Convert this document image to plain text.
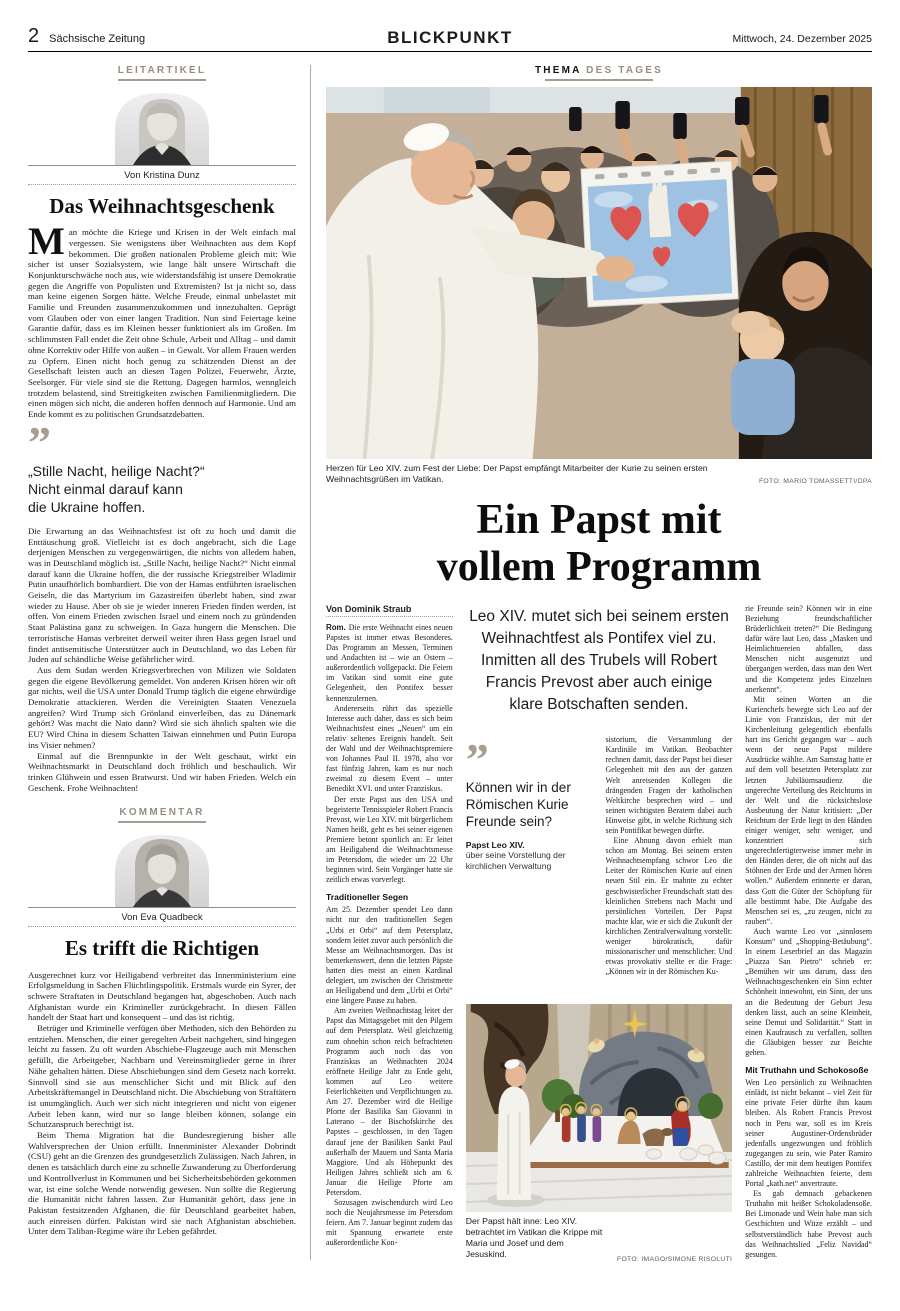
2 Sächsische Zeitung	BLICKPUNKT	Mittwoch, 24. Dezember 2025
LEITARTIKEL
Von Kristina Dunz
Das Weihnachtsgeschenk

Man möchte die Kriege und Krisen in der Welt einfach mal vergessen. Sie wenigstens über Weihnachten aus dem Kopf bekommen. Die großen nationalen Probleme gleich mit: Wie sicher ist unser Sozialsystem, wie lange hält unsere Wirtschaft die Konjunkturschwäche noch aus, wie widerstandsfähig ist unsere Demokratie gegen die Angriffe von Populisten und Extremisten? Ist ja nicht so, dass man keine eigenen Sorgen hätte. Welche Freude, einmal unbelastet mit Familie und Freunden zusammenzukommen und innezuhalten. Geprägt vom Glauben oder von einer langen Tradition. Nun sind Feiertage keine Garantie dafür, dass es im Kleinen besser funktioniert als im Großen. Im schlimmsten Fall endet die Zeit ohne Schule, Arbeit und Alltag – und damit ohne Korrektiv oder Hilfe von außen – in Gewalt. Vor allem Frauen werden zu Opfern. Einen nicht hoch genug zu schätzenden Dienst an der Gesellschaft leisten auch an diesen Tagen Polizei, Feuerwehr, Ärzte, Seelsorger. Für viele sind sie die Rettung. Dagegen harmlos, wenngleich trotzdem belastend, sind Streitigkeiten zwischen Familienmitgliedern. Die einen mögen sich nicht, die anderen hoffen dennoch auf Harmonie. Und am Ende kommt es zu politischen Grundsatzdebatten.

”
„Stille Nacht, heilige Nacht?“
Nicht einmal darauf kann
die Ukraine hoffen.

Die Erwartung an das Weihnachtsfest ist oft zu hoch und damit die Enttäuschung groß. Vielleicht ist es doch angebracht, sich die Lage derjenigen Menschen zu vergegenwärtigen, die nichts von alledem haben, was in Deutschland möglich ist. „Stille Nacht, heilige Nacht?“ Nicht einmal darauf kann die Ukraine hoffen, die der russische Kriegstreiber Wladimir Putin unaufhörlich bombardiert. Die von der Hamas entführten israelischen Geiseln, die das Martyrium im Gazastreifen überlebt haben, sind zwar wieder zu Hause. Aber ob sie je wieder inneren Frieden finden werden, ist offen. Von einem Frieden zwischen Israel und einem noch zu gründenden Staat Palästina ganz zu schweigen. In Gaza hungern die Menschen. Die terroristische Hamas verbreitet derweil weiter ihren Hass gegen Israel und findet antisemitische Unterstützer auch in Deutschland, wo das Leben für Juden auf schändliche Weise gefährlicher wird.

Aus dem Sudan werden Kriegsverbrechen von Milizen wie Soldaten gegen die eigene Bevölkerung gemeldet. Von anderen Krisen hören wir oft gar nichts, weil die USA unter Donald Trump täglich die eigene ehrwürdige Demokratie attackieren. Werden die Vereinigten Staaten Venezuela angreifen? Wird Trump sich Grönland einverleiben, das zu Dänemark gehört? Was macht die Nato dann? Wird sie sich ähnlich spalten wie die EU? Wird China in diesem Schatten Taiwan einnehmen und Putin Europa ins Visier nehmen?

Einmal auf die Brennpunkte in der Welt geschaut, wirkt ein Weihnachtsmarkt in Deutschland doch fröhlich und beschaulich. Wir trinken Glühwein und essen Bratwurst. Und wir haben Frieden. Welch ein Geschenk. Frohe Weihnachten!

KOMMENTAR
Von Eva Quadbeck
Es trifft die Richtigen

Ausgerechnet kurz vor Heiligabend verbreitet das Innenministerium eine Erfolgsmeldung in Sachen Flüchtlingspolitik. Erstmals wurde ein Syrer, der schwere Straftaten in Deutschland begangen hat, abgeschoben. Auch nach Afghanistan wurde ein Krimineller zurückgebracht. In diesen Fällen handelt der Staat hart und konsequent – und das ist richtig.

Betrüger und Kriminelle verfügen über Methoden, sich den Behörden zu entziehen. Menschen, die einer geregelten Arbeit nachgehen, sind hingegen leicht zu fassen. Zu oft wurden Abschiebe-Flugzeuge auch mit Menschen gefüllt, die Arbeitgeber, Nachbarn und Vereinsmitglieder gerne in ihrer Nähe gehalten hätten. Diese Abschiebungen sind dem Gesetz nach korrekt. Sinnvoll sind sie aus menschlicher Sicht und mit Blick auf den Arbeitskräftemangel in Deutschland nicht. Die Abschiebung von Straftätern ist unumgänglich. Auch wer sich nicht integrieren und nicht von eigener Arbeit leben kann, wird nur so lange bleiben können, solange ein Schutzanspruch berechtigt ist.

Beim Thema Migration hat die Bundesregierung bisher alle Wahlversprechen der Union erfüllt. Innenminister Alexander Dobrindt (CSU) geht an die Grenzen des grundgesetzlich Zulässigen. Nach Jahren, in denen es tatsächlich durch eine zu schnelle Zuwanderung zu Überforderung und Kontrollverlust in Kommunen und bei Sicherheitsbehörden gekommen war, ist eine solche Wende notwendig gewesen. Nun sollte die Regierung die Humanität nicht fahren lassen. Zur Humanität gehört, dass jene in Pakistan festsitzenden Afghanen, die für Deutschland gearbeitet haben, auch einreisen dürfen. Pakistan wird sie nach Afghanistan abschieben. Unter dem Taliban-Regime wäre ihr Leben gefährdet.

THEMA DES TAGES
Herzen für Leo XIV. zum Fest der Liebe: Der Papst empfängt Mitarbeiter der Kurie zu seinen ersten Weihnachtsgrüßen im Vatikan.	FOTO: MARIO TOMASSETTI/DPA
Ein Papst mit
vollem Programm
Von Dominik Straub

Rom. Die erste Weihnacht eines neuen Papstes ist immer etwas Besonderes. Das Programm an Messen, Terminen und Andachten ist – wie an Ostern – außerordentlich vollgepackt. Die Feiern im Vatikan sind somit eine gute Gelegenheit, den Pontifex besser kennenzulernen.

Andererseits rührt das spezielle Interesse auch daher, dass es sich beim Weihnachtsfest eines „Neuen“ um ein relativ seltenes Ereignis handelt. Seit der Wahl und der Weihnachtspremiere von Johannes Paul II. 1978, also vor fast fünfzig Jahren, kam es nur noch zweimal zu diesem Event – unter Benedikt XVI. und unter Franziskus.

Der erste Papst aus den USA und begeisterte Tennisspieler Robert Francis Prevost, wie Leo XIV. mit bürgerlichem Namen heißt, geht es bei seiner eigenen Premiere betont sportlich an: Er leitet am Heiligabend die Weihnachtsmesse im Petersdom, die wieder um 22 Uhr beginnen wird. Sein Vorgänger hatte sie zeitlich etwas vorverlegt.

Traditioneller Segen

Am 25. Dezember spendet Leo dann nicht nur den traditionellen Segen „Urbi et Orbi“ auf dem Petersplatz, sondern leitet zuvor auch persönlich die Messe am Weihnachtsmorgen. Das ist bemerkenswert, denn die letzten Päpste hatten dies meist an einen Kardinal delegiert, um zwischen der Christmette an Heiligabend und dem „Urbi et Orbi“ eine längere Pause zu haben.

Am zweiten Weihnachtstag leitet der Papst das Mittagsgebet mit den Pilgern auf dem Petersplatz. Weil gleichzeitig zum ohnehin schon reich befrachteten Programm auch noch das von Franziskus an Weihnachten 2024 eröffnete Heilige Jahr zu Ende geht, kommen auf Leo weitere Feierlichkeiten und Verpflichtungen zu. Am 27. Dezember wird die Heilige Pforte der Basilika San Giovanni in Laterano – der Bischofskirche des Papstes – geschlossen, in den Tagen darauf jene der Basiliken Sankt Paul außerhalb der Mauern und Santa Maria Maggiore. Und als Höhepunkt des Heiligen Jahres schließt sich am 6. Januar die Heilige Pforte am Petersdom.

Sozusagen zwischendurch wird Leo noch die Neujahrsmesse im Petersdom feiern. Am 7. Januar beginnt zudem das mit Spannung erwartete erste außerordentliche Kon-

Leo XIV. mutet sich bei seinem ersten Weihnachtfest als Pontifex viel zu. Inmitten all des Trubels will Robert Francis Prevost aber auch einige klare Botschaften senden.
”
Können wir in der
Römischen Kurie
Freunde sein?
Papst Leo XIV.
über seine Vorstellung der kirchlichen Verwaltung

sistorium, die Versammlung der Kardinäle im Vatikan. Beobachter rechnen damit, dass der Papst bei dieser Gelegenheit mit den aus der ganzen Welt anreisenden Kollegen die drängenden Fragen der katholischen Weltkirche besprechen wird – und seinen wichtigsten Beratern dabei auch Hinweise gibt, in welche Richtung sich sein Pontifikat bewegen dürfte.

Eine Ahnung davon erhielt man schon am Montag. Bei seinem ersten Weihnachtsempfang schwor Leo die Leiter der Römischen Kurie auf einen neuen Stil ein. Er mahnte zu echter geschwisterlicher Freundschaft statt des kleinlichen Strebens nach Macht und persönlichen Vorteilen. Der Papst machte klar, wie er sich die Zukunft der kirchlichen Zentralverwaltung vorstellt: weniger bürokratisch, dafür missionarischer und menschlicher. Und etwas provokativ stellte er die Frage: „Können wir in der Römischen Ku-

Der Papst hält inne: Leo XIV. betrachtet im Vatikan die Krippe mit Maria und Josef und dem Jesuskind.
FOTO: IMAGO/SIMONE RISOLUTI

rie Freunde sein? Können wir in eine Beziehung freundschaftlicher Brüderlichkeit treten?“ Die Bedingung dafür wäre laut Leo, dass „Masken und Heimlichtuereien abfallen, dass Menschen nicht ausgenutzt und übergangen werden, dass man den Wert und die Kompetenz jedes Einzelnen anerkennt“.

Mit seinen Worten an die Kurienchefs bewegte sich Leo auf der Linie von Franziskus, der mit der Kirchenleitung gelegentlich ebenfalls hart ins Gericht gegangen war – auch wenn der neue Papst mildere Ausdrücke wählte. Am Samstag hatte er auf dem voll besetzten Petersplatz zur letzten Jubiläumsaudienz die ungerechte Verteilung des Reichtums in der Welt und die rücksichtslose Ausbeutung der Natur kritisiert: „Der Reichtum der Erde liegt in den Händen einiger weniger, sehr weniger, und konzentriert sich ungerechtfertigterweise immer mehr in den Händen derer, die oft nicht auf das Stöhnen der Erde und der Armen hören wollen.“ Außerdem erinnerte er daran, dass Gott die Güter der Schöpfung für alle bestimmt habe. Die Aufgabe des Menschen sei es, „zu zeugen, nicht zu rauben“.

Auch warnte Leo vor „sinnlosem Konsum“ und „Shopping-Betäubung“. In einem Leserbrief an das Magazin „Piazza San Pietro“ schrieb er: „Bemühen wir uns darum, dass den Weihnachtsgeschenken ein Sinn echter Schönheit innewohnt, ein Sinn, der uns an die Bedeutung der Geburt Jesu denken lässt, auch an seine Kleinheit, seine Demut und Solidarität.“ Statt in einen Kaufrausch zu verfallen, sollten die Gläubigen besser zur Beichte gehen.

Mit Truthahn und Schokosoße

Wen Leo persönlich zu Weihnachten einlädt, ist nicht bekannt – viel Zeit für eine private Feier dürfte ihm kaum bleiben. Als Robert Francis Prevost noch in Peru war, soll es im Kreis seiner Augustiner-Ordensbrüder jedenfalls ungezwungen und fröhlich zugegangen zu sein, wie Pater Ramiro Castillo, der mit dem heutigen Pontifex zahlreiche Weihnachten feierte, dem Portal „kath.net“ anvertraute.

Es gab demnach gebackenen Truthahn mit heißer Schokoladensoße. Bei Limonade und Wein habe man sich Geschichten und Witze erzählt – und selbstverständlich habe Prevost auch das Weihnachtslied „Feliz Navidad“ gesungen.
